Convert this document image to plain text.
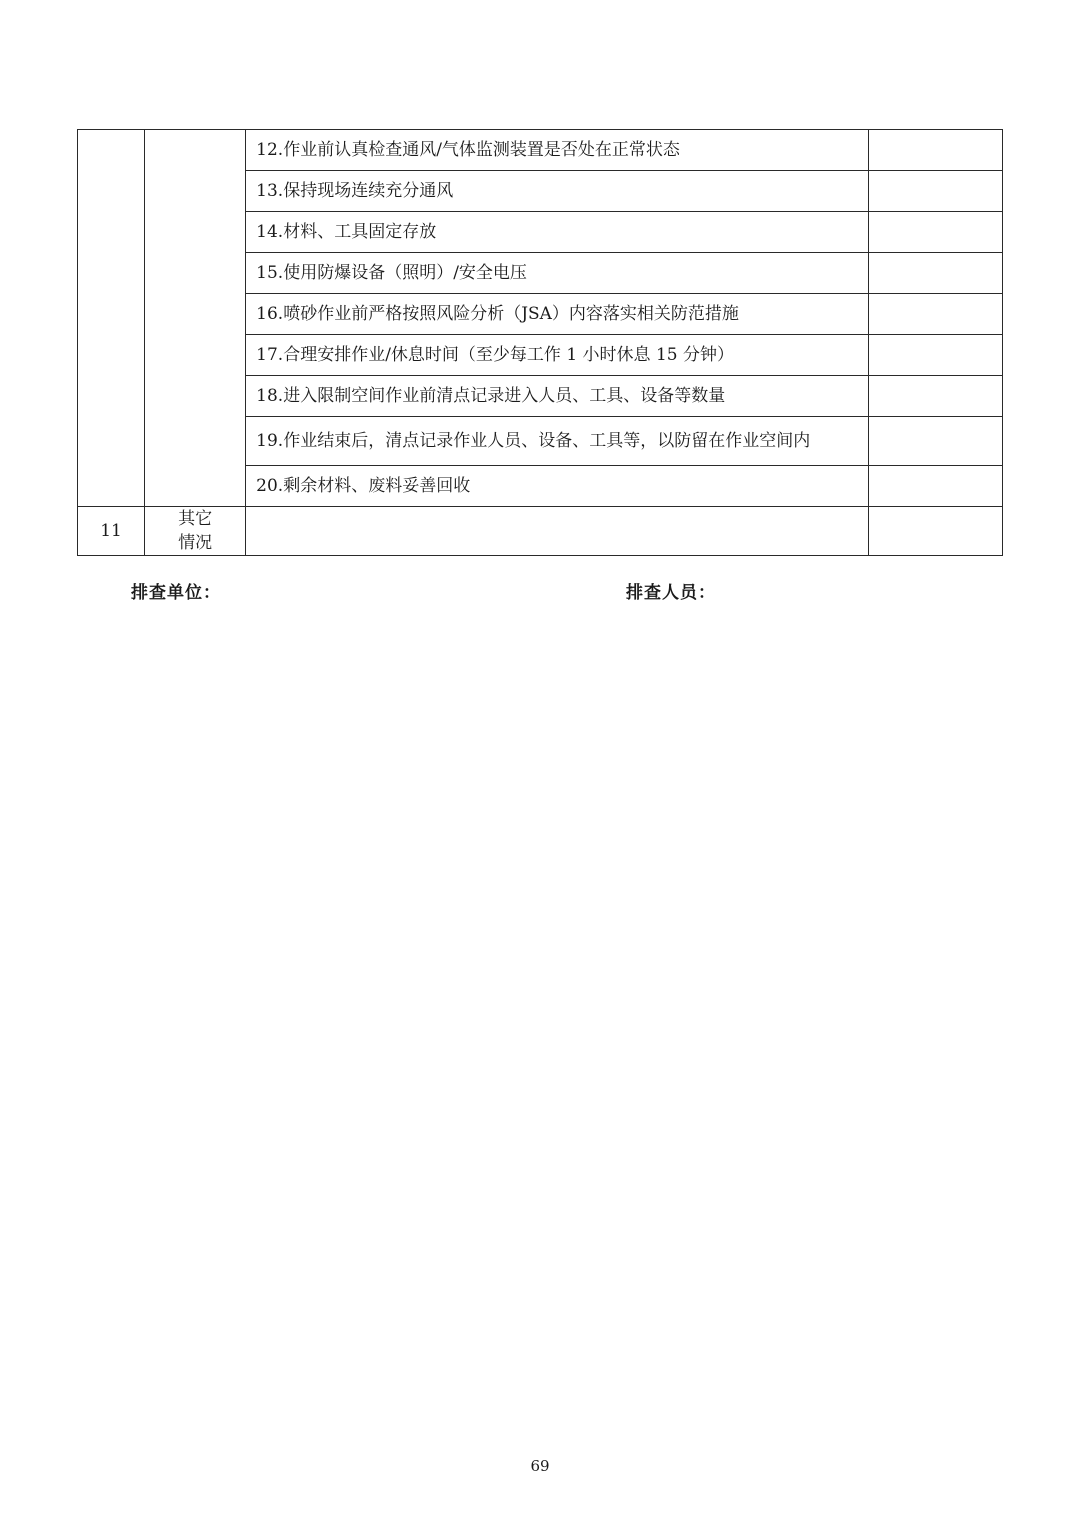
		12.作业前认真检查通风/气体监测装置是否处在正常状态	
		13.保持现场连续充分通风	
		14.材料、工具固定存放	
		15.使用防爆设备（照明）/安全电压	
		16.喷砂作业前严格按照风险分析（JSA）内容落实相关防范措施	
		17.合理安排作业/休息时间（至少每工作 1 小时休息 15 分钟）	
		18.进入限制空间作业前清点记录进入人员、工具、设备等数量	
		19.作业结束后，清点记录作业人员、设备、工具等，以防留在作业空间内	
		20.剩余材料、废料妥善回收	
11	其它
情况		

排查单位：	排查人员：
69
